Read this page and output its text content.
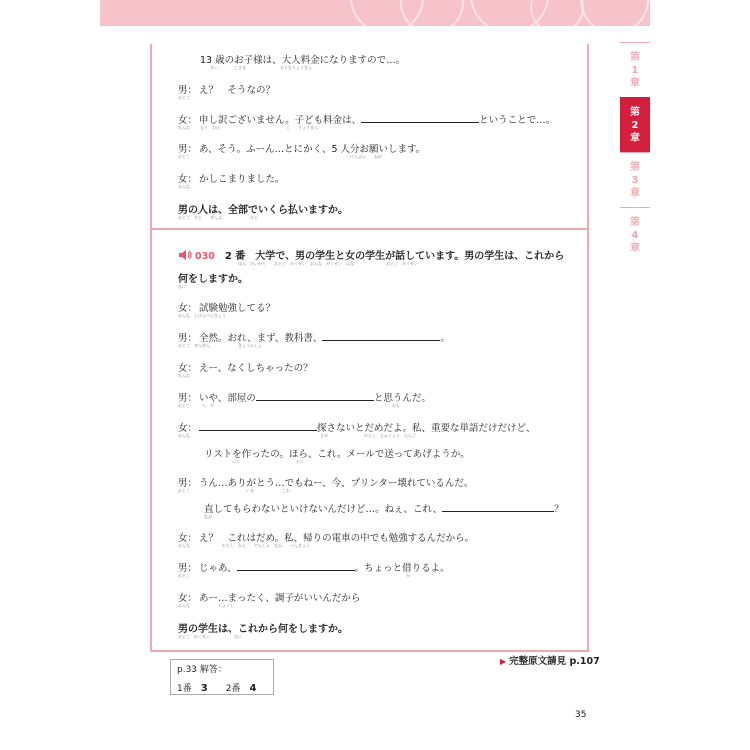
13 歳のお子様は、大人料金になりますので…。
さい	こさま	おとなりょうきん
男： え？　そうなの？
おとこ
女： 申し訳ございません。子ども料金は、	ということで…。
おんな	もう　わけ	こ　　りょうきん
男： あ、そう。ふーん…とにかく、5 人分お願いします。
おとこ	にんぶん　　ねが
女： かしこまりました。
おんな
男の人は、全部でいくら払いますか。
おとこ　ひと　　ぜんぶ　　　　　　　はら
030 2 番　大学で、男の学生と女の学生が話しています。男の学生は、これから
ばん　だいがく　　おとこ　がくせい　おんな　がくせい　はな　　　　　　　　おとこ　がくせい
何をしますか。
なに
女： 試験勉強してる？
おんな　しけんべんきょう
男： 全然。おれ、まず、教科書、	。
おとこ　ぜんぜん　　　　　　　きょうかしょ
女： えー、なくしちゃったの？
おんな
男： いや、部屋の	と思うんだ。
おとこ　　　へ　や	おも
女：	探さないとだめだよ。私、重要な単語だけだけど、
おんな	さが　　　　　　　　　わたし　じゅうよう　たんご
リストを作ったの。ほら、これ。メールで送ってあげようか。
つく　　　　　　　　　　　　　　おく
男： うん…ありがとう…でもねー、今、プリンター壊れているんだ。
おとこ　　　　　　　　　　　　　　いま　　　　　　　こわ
直してもらわないといけないんだけど…。ねぇ、これ、	？
なお
女： え？　これはだめ。私、帰りの電車の中でも勉強するんだから。
おんな　　　　　　　　わたし　かえ　　でんしゃ　なか　　べんきょう
男： じゃあ、	。ちょっと借りるよ。
おとこ	か
女： あー…まったく、調子がいいんだから
おんな　　　　　　　ちょうし
男の学生は、これから何をしますか。
おとこ　がくせい　　　　　　なに
第
1
章
第
2
章
第
3
章
第
4
章
p.33 解答：
1番　 3　　 2番　 4
▶ 完整原文請見 p.107
35
